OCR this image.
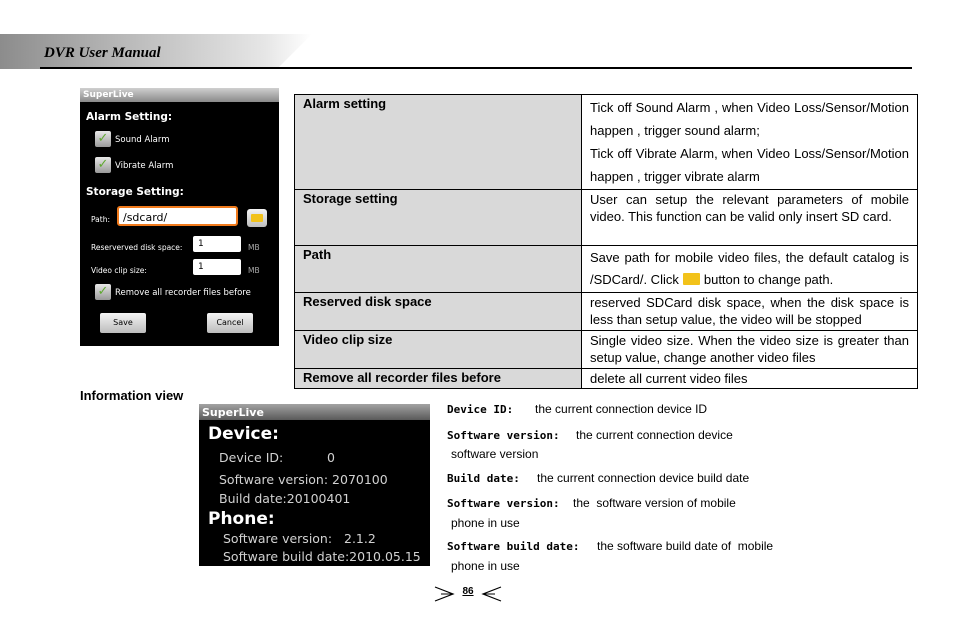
DVR User Manual
SuperLive
Alarm Setting:
✓ Sound Alarm
✓ Vibrate Alarm
Storage Setting:
Path:	/sdcard/
Reserverved disk space:	1	MB
Video clip size:	1	MB
✓ Remove all recorder files before
Save	Cancel
Alarm setting	Tick off Sound Alarm , when Video Loss/Sensor/Motion happen , trigger sound alarm;
Tick off Vibrate Alarm, when Video Loss/Sensor/Motion happen , trigger vibrate alarm

Storage setting	User can setup the relevant parameters of mobile video. This function can be valid only insert SD card.
Path	Save path for mobile video files, the default catalog is /SDCard/. Click button to change path.
Reserved disk space	reserved SDCard disk space, when the disk space is less than setup value, the video will be stopped
Video clip size	Single video size. When the video size is greater than setup value, change another video files
Remove all recorder files before	delete all current video files
Information view
SuperLive
Device:
Device ID:	0
Software version: 2070100
Build date:20100401
Phone:
Software version:   2.1.2
Software build date:2010.05.15
Device ID: the current connection device ID
Software version: the current connection device
software version
Build date: the current connection device build date
Software version: the  software version of mobile
phone in use
Software build date: the software build date of  mobile
phone in use
86
